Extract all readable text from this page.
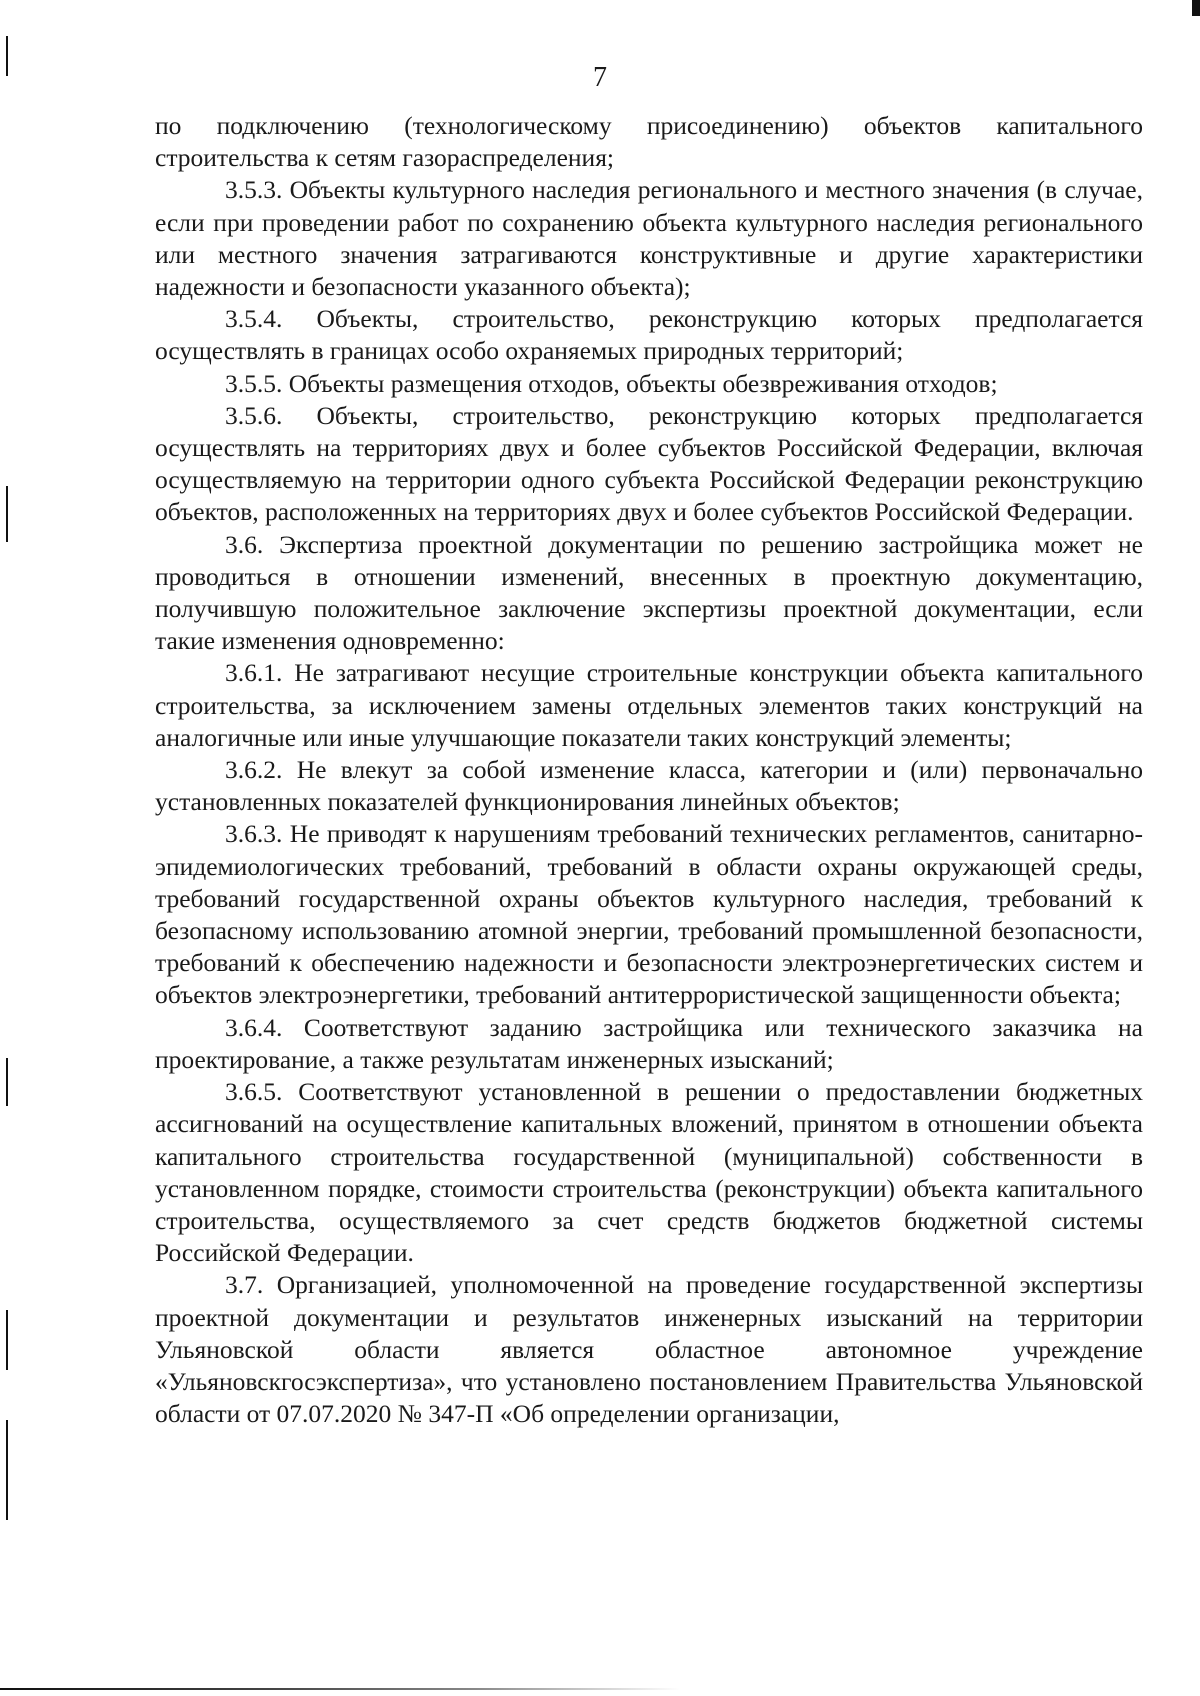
7

по подключению (технологическому присоединению) объектов капитального строительства к сетям газораспределения;

3.5.3. Объекты культурного наследия регионального и местного значения (в случае, если при проведении работ по сохранению объекта культурного наследия регионального или местного значения затрагиваются конструктивные и другие характеристики надежности и безопасности указанного объекта);

3.5.4. Объекты, строительство, реконструкцию которых предполагается осуществлять в границах особо охраняемых природных территорий;

3.5.5. Объекты размещения отходов, объекты обезвреживания отходов;

3.5.6. Объекты, строительство, реконструкцию которых предполагается осуществлять на территориях двух и более субъектов Российской Федерации, включая осуществляемую на территории одного субъекта Российской Федерации реконструкцию объектов, расположенных на территориях двух и более субъектов Российской Федерации.

3.6. Экспертиза проектной документации по решению застройщика может не проводиться в отношении изменений, внесенных в проектную документацию, получившую положительное заключение экспертизы проектной документации, если такие изменения одновременно:

3.6.1. Не затрагивают несущие строительные конструкции объекта капитального строительства, за исключением замены отдельных элементов таких конструкций на аналогичные или иные улучшающие показатели таких конструкций элементы;

3.6.2. Не влекут за собой изменение класса, категории и (или) первоначально установленных показателей функционирования линейных объектов;

3.6.3. Не приводят к нарушениям требований технических регламентов, санитарно-эпидемиологических требований, требований в области охраны окружающей среды, требований государственной охраны объектов культурного наследия, требований к безопасному использованию атомной энергии, требований промышленной безопасности, требований к обеспечению надежности и безопасности электроэнергетических систем и объектов электроэнергетики, требований антитеррористической защищенности объекта;

3.6.4. Соответствуют заданию застройщика или технического заказчика на проектирование, а также результатам инженерных изысканий;

3.6.5. Соответствуют установленной в решении о предоставлении бюджетных ассигнований на осуществление капитальных вложений, принятом в отношении объекта капитального строительства государственной (муниципальной) собственности в установленном порядке, стоимости строительства (реконструкции) объекта капитального строительства, осуществляемого за счет средств бюджетов бюджетной системы Российской Федерации.

3.7. Организацией, уполномоченной на проведение государственной экспертизы проектной документации и результатов инженерных изысканий на территории Ульяновской области является областное автономное учреждение «Ульяновскгосэкспертиза», что установлено постановлением Правительства Ульяновской области от 07.07.2020 № 347-П «Об определении организации,
